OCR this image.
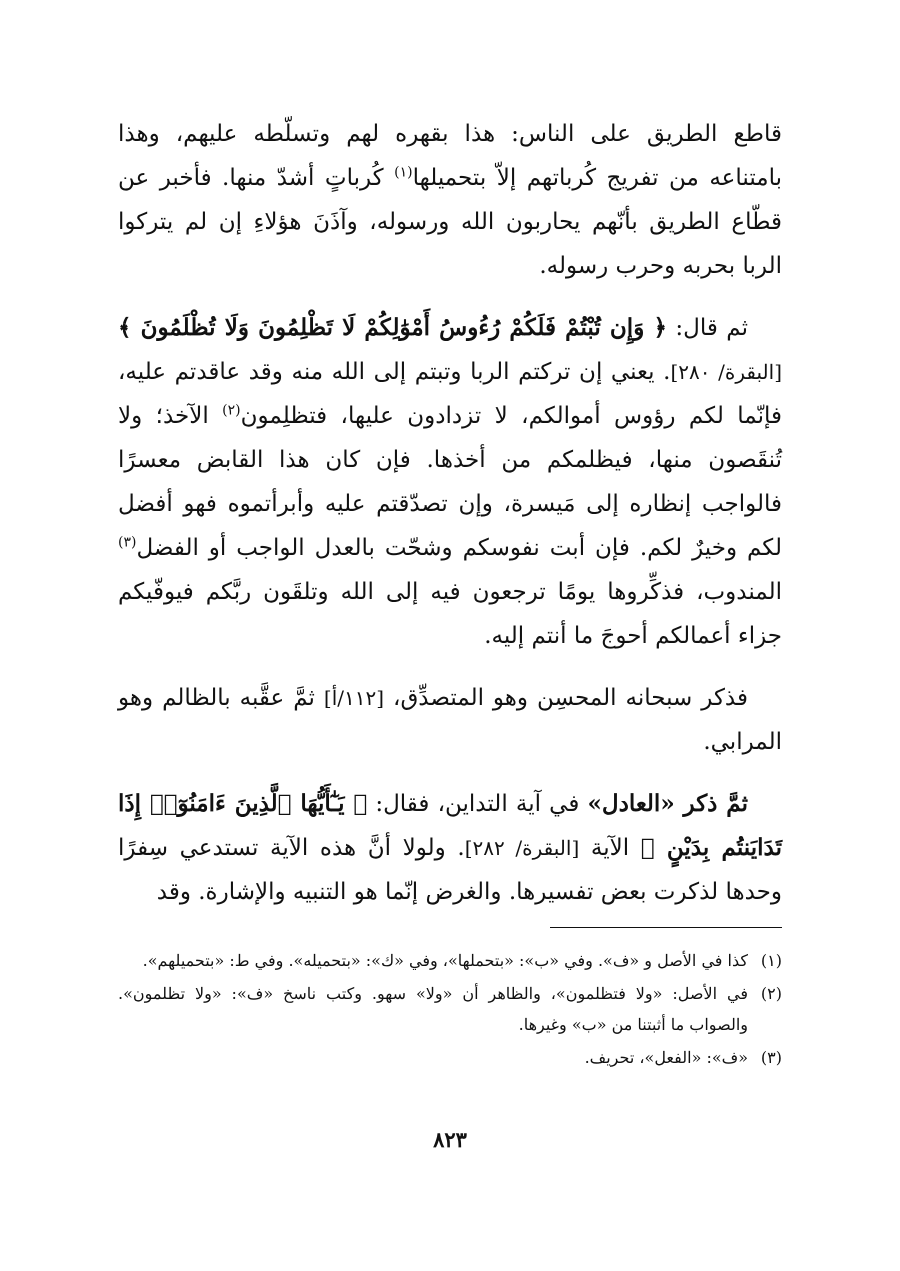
قاطع الطريق على الناس: هذا بقهره لهم وتسلّطه عليهم، وهذا بامتناعه من تفريج كُرباتهم إلاّ بتحميلها$^{(١)}$ كُرباتٍ أشدّ منها. فأخبر عن قطّاع الطريق بأنّهم يحاربون الله ورسوله، وآذَنَ هؤلاءِ إن لم يتركوا الربا بحربه وحرب رسوله.

ثم قال: ﴿ وَإِن تُبْتُمْ فَلَكُمْ رُءُوسُ أَمْوَٰلِكُمْ لَا تَظْلِمُونَ وَلَا تُظْلَمُونَ ﴾ [البقرة/ ٢٨٠]. يعني إن تركتم الربا وتبتم إلى الله منه وقد عاقدتم عليه، فإنّما لكم رؤوس أموالكم، لا تزدادون عليها، فتظلِمون$^{(٢)}$ الآخذ؛ ولا تُنقَصون منها، فيظلمكم من أخذها. فإن كان هذا القابض معسرًا فالواجب إنظاره إلى مَيسرة، وإن تصدّقتم عليه وأبرأتموه فهو أفضل لكم وخيرٌ لكم. فإن أبت نفوسكم وشحّت بالعدل الواجب أو الفضل$^{(٣)}$ المندوب، فذكِّروها يومًا ترجعون فيه إلى الله وتلقَون ربَّكم فيوفّيكم جزاء أعمالكم أحوجَ ما أنتم إليه.

فذكر سبحانه المحسِن وهو المتصدِّق، [١١٢/أ] ثمَّ عقَّبه بالظالم وهو المرابي.

ثمَّ ذكر «العادل» في آية التداين، فقال: ﴿ يَـٰٓأَيُّهَا ٱلَّذِينَ ءَامَنُوٓا۟ إِذَا تَدَايَنتُم بِدَيْنٍ ﴾ الآية [البقرة/ ٢٨٢]. ولولا أنَّ هذه الآية تستدعي سِفرًا وحدها لذكرت بعض تفسيرها. والغرض إنّما هو التنبيه والإشارة. وقد

(١)
كذا في الأصل و «ف». وفي «ب»: «بتحملها»، وفي «ك»: «بتحميله». وفي ط: «بتحميلهم».
(٢)
في الأصل: «ولا فتظلمون»، والظاهر أن «ولا» سهو. وكتب ناسخ «ف»: «ولا تظلمون». والصواب ما أثبتنا من «ب» وغيرها.
(٣)
«ف»: «الفعل»، تحريف.
٨٢٣
